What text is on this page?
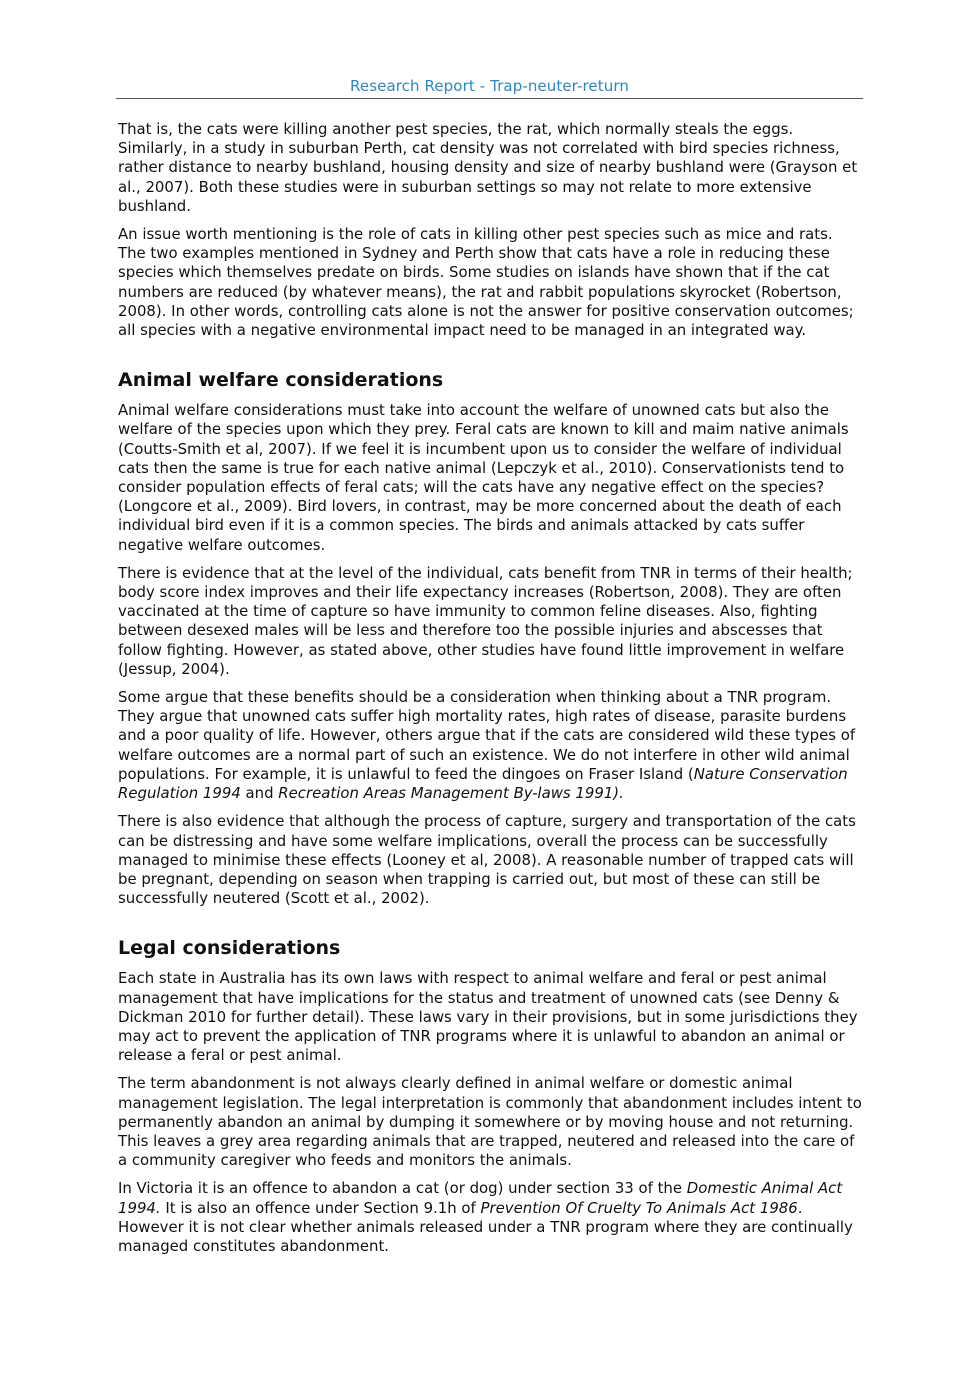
Research Report - Trap-neuter-return

That is, the cats were killing another pest species, the rat, which normally steals the eggs. Similarly, in a study in suburban Perth, cat density was not correlated with bird species richness, rather distance to nearby bushland, housing density and size of nearby bushland were (Grayson et al., 2007). Both these studies were in suburban settings so may not relate to more extensive bushland.

An issue worth mentioning is the role of cats in killing other pest species such as mice and rats. The two examples mentioned in Sydney and Perth show that cats have a role in reducing these species which themselves predate on birds. Some studies on islands have shown that if the cat numbers are reduced (by whatever means), the rat and rabbit populations skyrocket (Robertson, 2008). In other words, controlling cats alone is not the answer for positive conservation outcomes; all species with a negative environmental impact need to be managed in an integrated way.

Animal welfare considerations

Animal welfare considerations must take into account the welfare of unowned cats but also the welfare of the species upon which they prey. Feral cats are known to kill and maim native animals (Coutts-Smith et al, 2007). If we feel it is incumbent upon us to consider the welfare of individual cats then the same is true for each native animal (Lepczyk et al., 2010). Conservationists tend to consider population effects of feral cats; will the cats have any negative effect on the species? (Longcore et al., 2009). Bird lovers, in contrast, may be more concerned about the death of each individual bird even if it is a common species. The birds and animals attacked by cats suffer negative welfare outcomes.

There is evidence that at the level of the individual, cats benefit from TNR in terms of their health; body score index improves and their life expectancy increases (Robertson, 2008). They are often vaccinated at the time of capture so have immunity to common feline diseases. Also, fighting between desexed males will be less and therefore too the possible injuries and abscesses that follow fighting. However, as stated above, other studies have found little improvement in welfare (Jessup, 2004).

Some argue that these benefits should be a consideration when thinking about a TNR program. They argue that unowned cats suffer high mortality rates, high rates of disease, parasite burdens and a poor quality of life. However, others argue that if the cats are considered wild these types of welfare outcomes are a normal part of such an existence. We do not interfere in other wild animal populations. For example, it is unlawful to feed the dingoes on Fraser Island (Nature Conservation Regulation 1994 and Recreation Areas Management By-laws 1991).

There is also evidence that although the process of capture, surgery and transportation of the cats can be distressing and have some welfare implications, overall the process can be successfully managed to minimise these effects (Looney et al, 2008). A reasonable number of trapped cats will be pregnant, depending on season when trapping is carried out, but most of these can still be successfully neutered (Scott et al., 2002).

Legal considerations

Each state in Australia has its own laws with respect to animal welfare and feral or pest animal management that have implications for the status and treatment of unowned cats (see Denny & Dickman 2010 for further detail). These laws vary in their provisions, but in some jurisdictions they may act to prevent the application of TNR programs where it is unlawful to abandon an animal or release a feral or pest animal.

The term abandonment is not always clearly defined in animal welfare or domestic animal management legislation. The legal interpretation is commonly that abandonment includes intent to permanently abandon an animal by dumping it somewhere or by moving house and not returning. This leaves a grey area regarding animals that are trapped, neutered and released into the care of a community caregiver who feeds and monitors the animals.

In Victoria it is an offence to abandon a cat (or dog) under section 33 of the Domestic Animal Act 1994. It is also an offence under Section 9.1h of Prevention Of Cruelty To Animals Act 1986. However it is not clear whether animals released under a TNR program where they are continually managed constitutes abandonment.
